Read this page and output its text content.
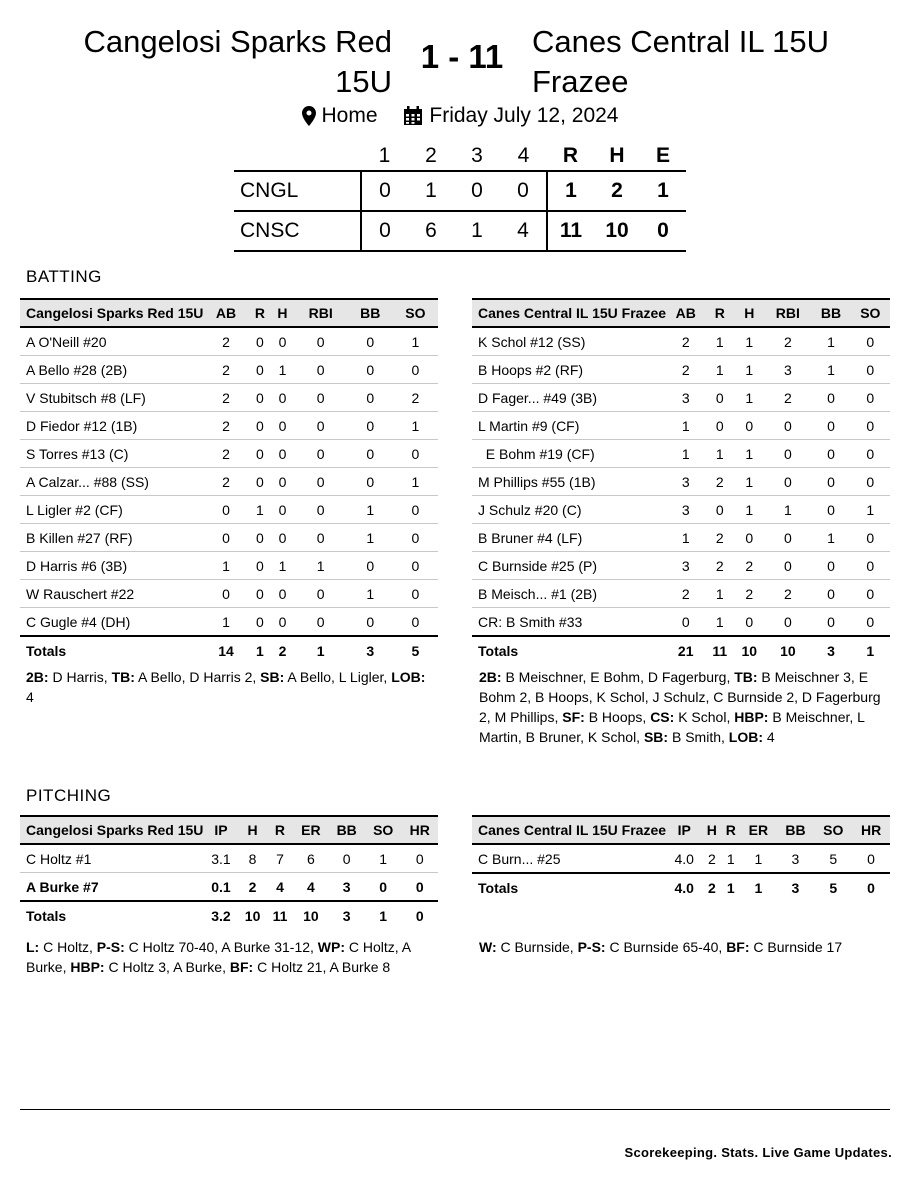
Cangelosi Sparks Red 15U
1 - 11 Canes Central IL 15U Frazee
Home
Friday July 12, 2024
	1	2	3	4	R	H	E
CNGL	0	1	0	0	1	2	1
CNSC	0	6	1	4	11	10	0
BATTING
Cangelosi Sparks Red 15U	AB	R	H	RBI	BB	SO
A O'Neill #20	2	0	0	0	0	1
A Bello #28 (2B)	2	0	1	0	0	0
V Stubitsch #8 (LF)	2	0	0	0	0	2
D Fiedor #12 (1B)	2	0	0	0	0	1
S Torres #13 (C)	2	0	0	0	0	0
A Calzar... #88 (SS)	2	0	0	0	0	1
L Ligler #2 (CF)	0	1	0	0	1	0
B Killen #27 (RF)	0	0	0	0	1	0
D Harris #6 (3B)	1	0	1	1	0	0
W Rauschert #22	0	0	0	0	1	0
C Gugle #4 (DH)	1	0	0	0	0	0
Totals	14	1	2	1	3	5
Canes Central IL 15U Frazee	AB	R	H	RBI	BB	SO
K Schol #12 (SS)	2	1	1	2	1	0
B Hoops #2 (RF)	2	1	1	3	1	0
D Fager... #49 (3B)	3	0	1	2	0	0
L Martin #9 (CF)	1	0	0	0	0	0
E Bohm #19 (CF)	1	1	1	0	0	0
M Phillips #55 (1B)	3	2	1	0	0	0
J Schulz #20 (C)	3	0	1	1	0	1
B Bruner #4 (LF)	1	2	0	0	1	0
C Burnside #25 (P)	3	2	2	0	0	0
B Meisch... #1 (2B)	2	1	2	2	0	0
CR: B Smith #33	0	1	0	0	0	0
Totals	21	11	10	10	3	1
2B: D Harris, TB: A Bello, D Harris 2, SB: A Bello, L Ligler, LOB: 4
2B: B Meischner, E Bohm, D Fagerburg, TB: B Meischner 3, E Bohm 2, B Hoops, K Schol, J Schulz, C Burnside 2, D Fagerburg 2, M Phillips, SF: B Hoops, CS: K Schol, HBP: B Meischner, L Martin, B Bruner, K Schol, SB: B Smith, LOB: 4
PITCHING
Cangelosi Sparks Red 15U	IP	H	R	ER	BB	SO	HR
C Holtz #1	3.1	8	7	6	0	1	0
A Burke #7	0.1	2	4	4	3	0	0
Totals	3.2	10	11	10	3	1	0
Canes Central IL 15U Frazee	IP	H	R	ER	BB	SO	HR
C Burn... #25	4.0	2	1	1	3	5	0
Totals	4.0	2	1	1	3	5	0
L: C Holtz, P-S: C Holtz 70-40, A Burke 31-12, WP: C Holtz, A Burke, HBP: C Holtz 3, A Burke, BF: C Holtz 21, A Burke 8
W: C Burnside, P-S: C Burnside 65-40, BF: C Burnside 17
Scorekeeping. Stats. Live Game Updates.
